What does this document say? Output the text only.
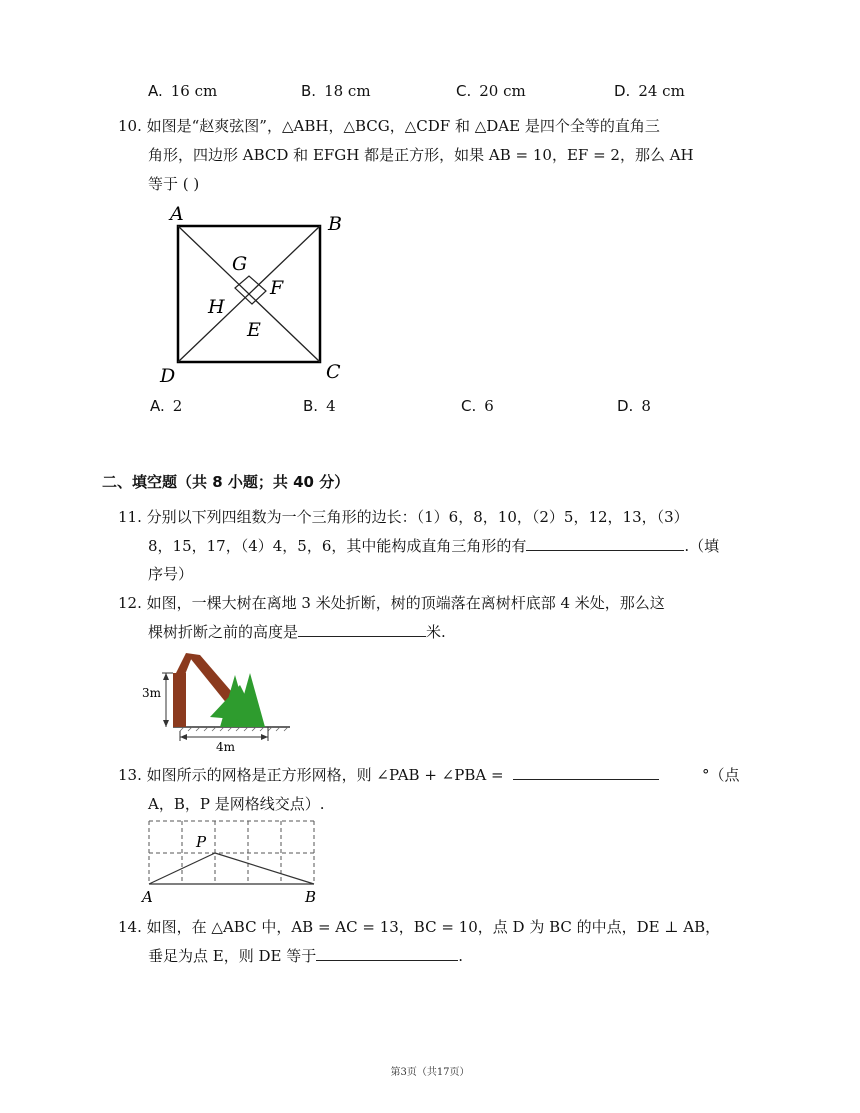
A. 16 cm	B. 18 cm	C. 20 cm	D. 24 cm
10. 如图是“赵爽弦图”，△ABH，△BCG，△CDF 和 △DAE 是四个全等的直角三
角形，四边形 ABCD 和 EFGH 都是正方形，如果 AB = 10，EF = 2，那么 AH
等于 ( )
A	B
C
D
E
F
G
H
A. 2	B. 4	C. 6	D. 8
二、填空题（共 8 小题；共 40 分）
11. 分别以下列四组数为一个三角形的边长：（1）6，8，10，（2）5，12，13，（3）
8，15，17，（4）4，5，6，其中能构成直角三角形的有	.（填
序号）
12. 如图，一棵大树在离地 3 米处折断，树的顶端落在离树杆底部 4 米处，那么这
棵树折断之前的高度是	米.
3m
4m
13. 如图所示的网格是正方形网格，则 ∠PAB + ∠PBA =	°（点
A，B，P 是网格线交点）.
P
A	B
14. 如图，在 △ABC 中，AB = AC = 13，BC = 10，点 D 为 BC 的中点，DE ⊥ AB，
垂足为点 E，则 DE 等于	.
第3页（共17页）
